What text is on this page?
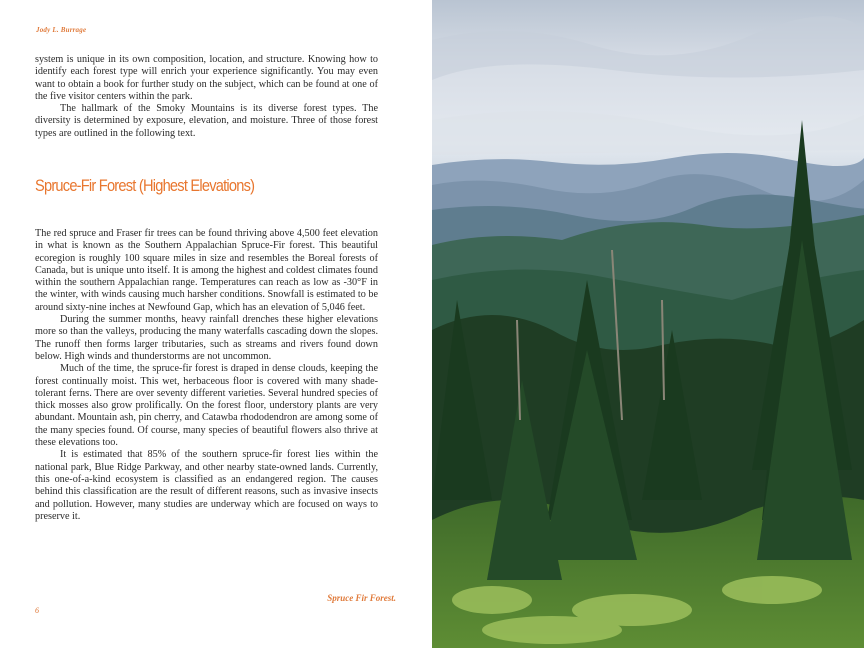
Jody L. Burrage

system is unique in its own composition, location, and structure. Knowing how to identify each forest type will enrich your experience significantly. You may even want to obtain a book for further study on the subject, which can be found at one of the five visitor centers within the park.

The hallmark of the Smoky Mountains is its diverse forest types. The diversity is determined by exposure, elevation, and moisture. Three of those forest types are outlined in the following text.

Spruce-Fir Forest (Highest Elevations)

The red spruce and Fraser fir trees can be found thriving above 4,500 feet elevation in what is known as the Southern Appalachian Spruce-Fir forest. This beautiful ecoregion is roughly 100 square miles in size and resembles the Boreal forests of Canada, but is unique unto itself. It is among the highest and coldest climates found within the southern Appalachian range. Temperatures can reach as low as -30°F in the winter, with winds causing much harsher conditions. Snowfall is estimated to be around sixty-nine inches at Newfound Gap, which has an elevation of 5,046 feet.

During the summer months, heavy rainfall drenches these higher elevations more so than the valleys, producing the many waterfalls cascading down the slopes. The runoff then forms larger tributaries, such as streams and rivers found down below. High winds and thunderstorms are not uncommon.

Much of the time, the spruce-fir forest is draped in dense clouds, keeping the forest continually moist. This wet, herbaceous floor is covered with many shade-tolerant ferns. There are over seventy different varieties. Several hundred species of thick mosses also grow prolifically. On the forest floor, understory plants are very abundant. Mountain ash, pin cherry, and Catawba rhododendron are among some of the many species found. Of course, many species of beautiful flowers also thrive at these elevations too.

It is estimated that 85% of the southern spruce-fir forest lies within the national park, Blue Ridge Parkway, and other nearby state-owned lands. Currently, this one-of-a-kind ecosystem is classified as an endangered region. The causes behind this classification are the result of different reasons, such as invasive insects and pollution. However, many studies are underway which are focused on ways to preserve it.

Spruce Fir Forest.
6
